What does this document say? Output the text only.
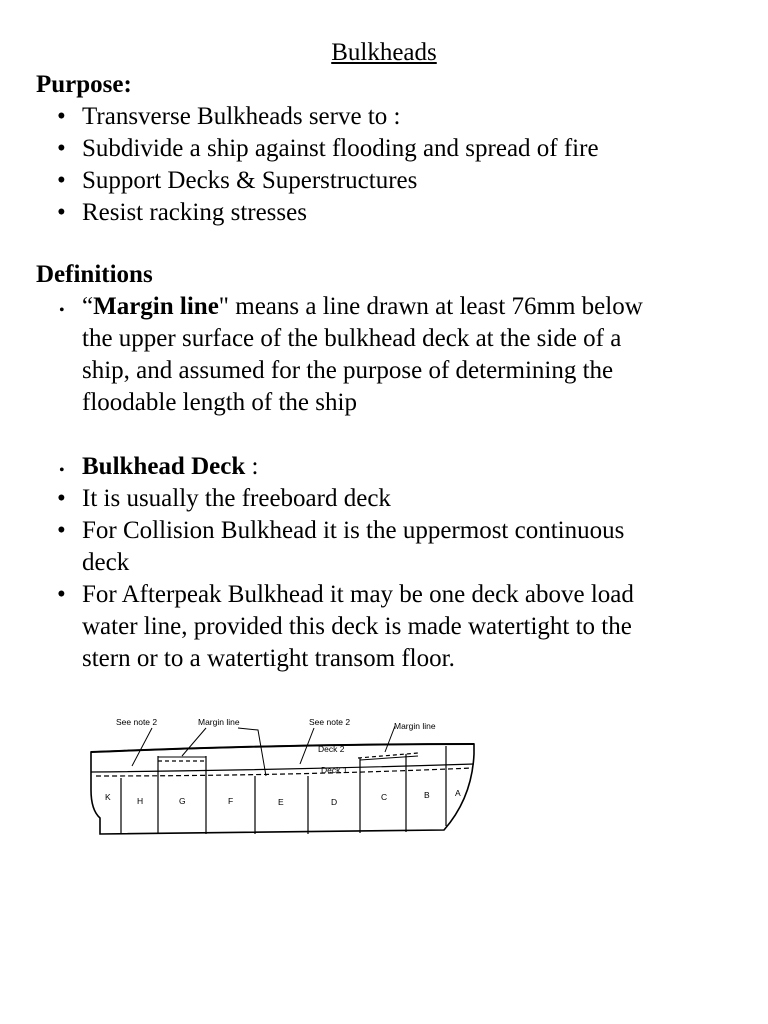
Bulkheads
Purpose:
• Transverse Bulkheads serve to :
• Subdivide a ship against flooding and spread of fire
• Support Decks & Superstructures
• Resist racking stresses
Definitions
• “Margin line" means a line drawn at least 76mm below
the upper surface of the bulkhead deck at the side of a
ship, and assumed for the purpose of determining the
floodable length of the ship
• Bulkhead Deck :
• It is usually the freeboard deck
• For Collision Bulkhead it is the uppermost continuous
deck
• For Afterpeak Bulkhead it may be one deck above load
water line, provided this deck is made watertight to the
stern or to a watertight transom floor.
See note 2	Margin line	See note 2	Margin line
Deck 2
Deck 1
K	H	G	F	E	D	C	B	A
